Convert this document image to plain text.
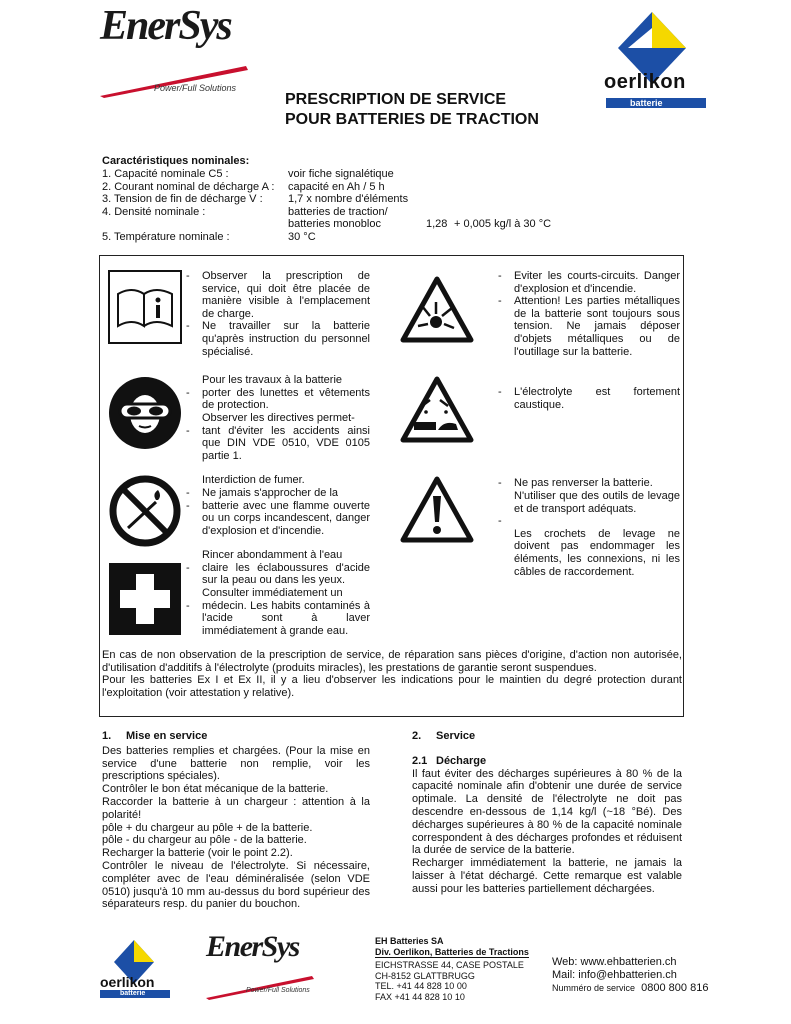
EnerSys
Power/Full Solutions	oerlikon
batterie
PRESCRIPTION DE SERVICE
POUR BATTERIES DE TRACTION
Caractéristiques nominales:
1. Capacité nominale C5 :	voir fiche signalétique
2. Courant nominal de décharge A : capacité en Ah / 5 h
3. Tension de fin de décharge V : 1,7 x nombre d'éléments
4. Densité nominale :	batteries de traction/
batteries monobloc	1,28 + 0,005 kg/l à 30 °C
5. Température nominale :	30 °C
-	Observer la prescription de service, qui doit être placée de manière visible à l'emplacement de charge.
-	Ne travailler sur la batterie qu'après instruction du personnel spécialisé.
Pour les travaux à la batterie
-	porter des lunettes et vêtements de protection.
Observer les directives permet-
-	tant d'éviter les accidents ainsi que DIN VDE 0510, VDE 0105 partie 1.
Interdiction de fumer.
-	Ne jamais s'approcher de la
-	batterie avec une flamme ouverte ou un corps incandescent, danger d'explosion et d'incendie.
Rincer abondamment à l'eau
-	claire les éclaboussures d'acide sur la peau ou dans les yeux.
Consulter immédiatement un
-	médecin. Les habits contaminés à l'acide sont à laver immédiatement à grande eau.
-	Eviter les courts-circuits. Danger d'explosion et d'incendie.
-	Attention! Les parties métalliques de la batterie sont toujours sous tension. Ne jamais déposer d'objets métalliques ou de l'outillage sur la batterie.
-	L'électrolyte est fortement caustique.
-	Ne pas renverser la batterie.
N'utiliser que des outils de levage et de transport adéquats.
-
Les crochets de levage ne doivent pas endommager les éléments, les connexions, ni les câbles de raccordement.
En cas de non observation de la prescription de service, de réparation sans pièces d'origine, d'action non autorisée, d'utilisation d'additifs à l'électrolyte (produits miracles), les prestations de garantie seront suspendues.
Pour les batteries Ex I et Ex II, il y a lieu d'observer les indications pour le maintien du degré protection durant l'exploitation (voir attestation y relative).
1. Mise en service
Des batteries remplies et chargées. (Pour la mise en service d'une batterie non remplie, voir les prescriptions spéciales).
Contrôler le bon état mécanique de la batterie.
Raccorder la batterie à un chargeur : attention à la polarité!
pôle + du chargeur au pôle + de la batterie.
pôle - du chargeur au pôle - de la batterie.
Recharger la batterie (voir le point 2.2).
Contrôler le niveau de l'électrolyte. Si nécessaire, compléter avec de l'eau déminéralisée (selon VDE 0510) jusqu'à 10 mm au-dessus du bord supérieur des séparateurs resp. du panier du bouchon.
2. Service
2.1 Décharge
Il faut éviter des décharges supérieures à 80 % de la capacité nominale afin d'obtenir une durée de service optimale. La densité de l'électrolyte ne doit pas descendre en-dessous de 1,14 kg/l (~18 °Bé). Des décharges supérieures à 80 % de la capacité nominale correspondent à des décharges profondes et réduisent la durée de service de la batterie.
Recharger immédiatement la batterie, ne jamais la laisser à l'état déchargé. Cette remarque est valable aussi pour les batteries partiellement déchargées.
oerlikon
batterie
EnerSys
Power/Full Solutions
EH Batteries SA
Div. Oerlikon, Batteries de Tractions
EICHSTRASSE 44, CASE POSTALE
CH-8152 GLATTBRUGG
TEL. +41 44 828 10 00
FAX +41 44 828 10 10
Web: www.ehbatterien.ch
Mail: info@ehbatterien.ch
Numméro de service 0800 800 816
